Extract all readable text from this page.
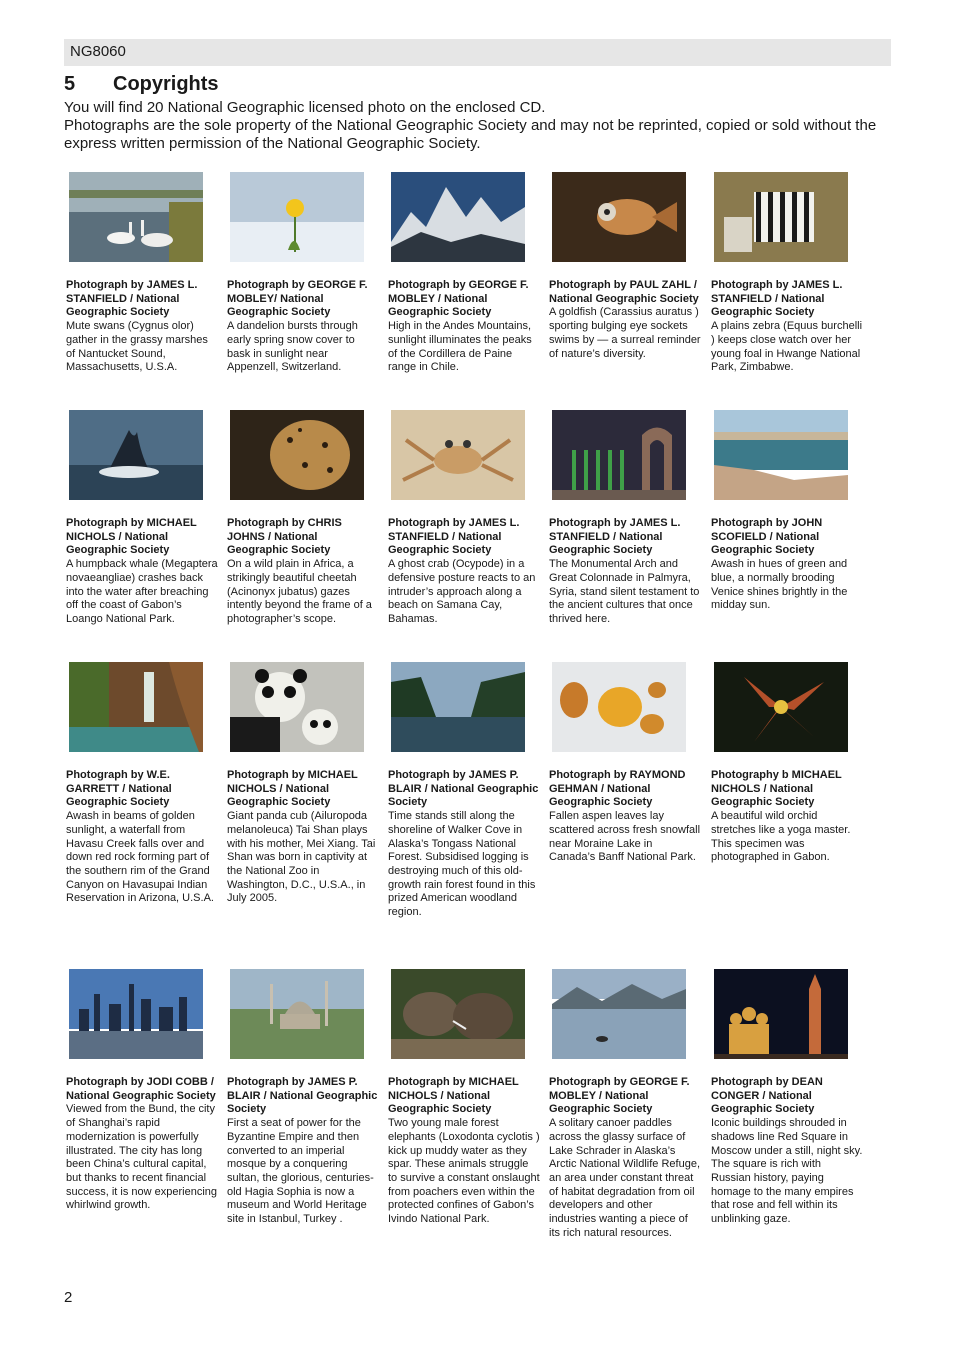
NG8060
5 Copyrights

You will find 20 National Geographic licensed photo on the enclosed CD.

Photographs are the sole property of the National Geographic Society and may not be reprinted, copied or sold without the express written permission of the National Geographic Society.

Photograph by JAMES L. STANFIELD / National Geographic Society
Mute swans (Cygnus olor) gather in the grassy marshes of Nantucket Sound, Massachusetts, U.S.A.
Photograph by GEORGE F. MOBLEY/ National Geographic Society
A dandelion bursts through early spring snow cover to bask in sunlight near Appenzell, Switzerland.
Photograph by GEORGE F. MOBLEY / National Geographic Society
High in the Andes Mountains, sunlight illuminates the peaks of the Cordillera de Paine range in Chile.
Photograph by PAUL ZAHL / National Geographic Society A goldfish (Carassius auratus ) sporting bulging eye sockets swims by — a surreal reminder of nature’s diversity.
Photograph by JAMES L. STANFIELD / National Geographic Society
A plains zebra (Equus burchelli ) keeps close watch over her young foal in Hwange National Park, Zimbabwe.
Photograph by MICHAEL NICHOLS / National Geographic Society
A humpback whale (Megaptera novaeangliae) crashes back into the water after breaching off the coast of Gabon’s Loango National Park.
Photograph by CHRIS JOHNS / National Geographic Society
On a wild plain in Africa, a strikingly beautiful cheetah (Acinonyx jubatus) gazes intently beyond the frame of a photographer’s scope.
Photograph by JAMES L. STANFIELD / National Geographic Society
A ghost crab (Ocypode) in a defensive posture reacts to an intruder’s approach along a beach on Samana Cay, Bahamas.
Photograph by JAMES L. STANFIELD / National Geographic Society
The Monumental Arch and Great Colonnade in Palmyra, Syria, stand silent testament to the ancient cultures that once thrived here.
Photograph by JOHN SCOFIELD / National Geographic Society
Awash in hues of green and blue, a normally brooding Venice shines brightly in the midday sun.
Photograph by W.E. GARRETT / National Geographic Society
Awash in beams of golden sunlight, a waterfall from Havasu Creek falls over and down red rock forming part of the southern rim of the Grand Canyon on Havasupai Indian Reservation in Arizona, U.S.A.
Photograph by MICHAEL NICHOLS / National Geographic Society
Giant panda cub (Ailuropoda melanoleuca) Tai Shan plays with his mother, Mei Xiang. Tai Shan was born in captivity at the National Zoo in Washington, D.C., U.S.A., in July 2005.
Photograph by JAMES P. BLAIR / National Geographic Society
Time stands still along the shoreline of Walker Cove in Alaska’s Tongass National Forest. Subsidised logging is destroying much of this old-growth rain forest found in this prized American woodland region.
Photograph by RAYMOND GEHMAN / National Geographic Society
Fallen aspen leaves lay scattered across fresh snowfall near Moraine Lake in Canada’s Banff National Park.
Photography b MICHAEL NICHOLS / National Geographic Society
A beautiful wild orchid stretches like a yoga master. This specimen was photographed in Gabon.
Photograph by JODI COBB / National Geographic Society
Viewed from the Bund, the city of Shanghai’s rapid modernization is powerfully illustrated. The city has long been China’s cultural capital, but thanks to recent financial success, it is now experiencing whirlwind growth.
Photograph by JAMES P. BLAIR / National Geographic Society
First a seat of power for the Byzantine Empire and then converted to an imperial mosque by a conquering sultan, the glorious, centuries-old Hagia Sophia is now a museum and World Heritage site in Istanbul, Turkey .
Photograph by MICHAEL NICHOLS / National Geographic Society
Two young male forest elephants (Loxodonta cyclotis ) kick up muddy water as they spar. These animals struggle to survive a constant onslaught from poachers even within the protected confines of Gabon’s Ivindo National Park.
Photograph by GEORGE F. MOBLEY / National Geographic Society
A solitary canoer paddles across the glassy surface of Lake Schrader in Alaska’s Arctic National Wildlife Refuge, an area under constant threat of habitat degradation from oil developers and other industries wanting a piece of its rich natural resources.
Photograph by DEAN CONGER / National Geographic Society
Iconic buildings shrouded in shadows line Red Square in Moscow under a still, night sky. The square is rich with Russian history, paying homage to the many empires that rose and fell within its unblinking gaze.
2
